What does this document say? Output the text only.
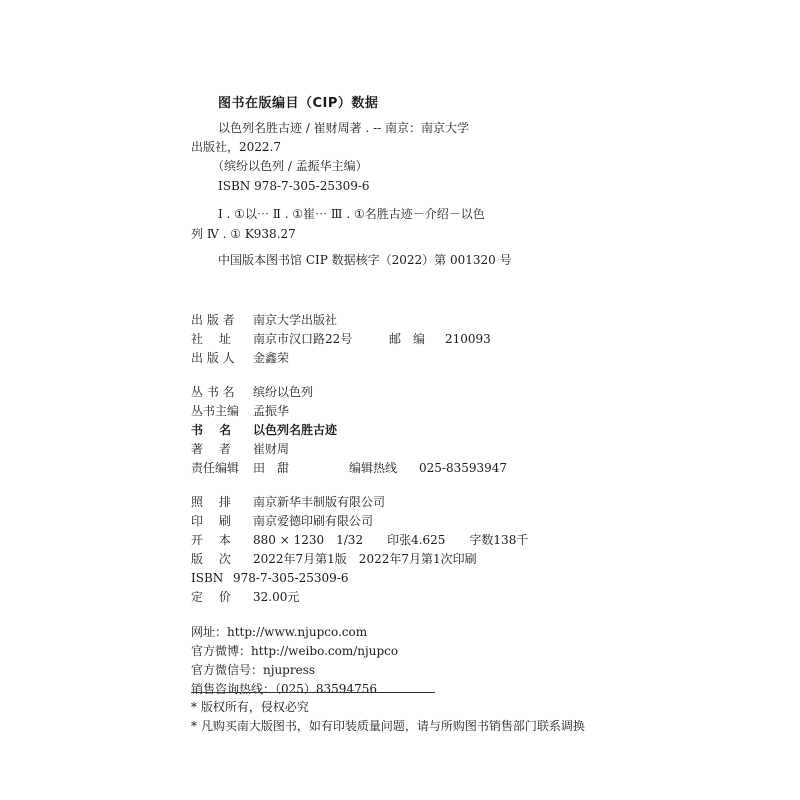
图书在版编目（CIP）数据
以色列名胜古迹 / 崔财周著 . -- 南京：南京大学
出版社，2022.7
（缤纷以色列 / 孟振华主编）
ISBN 978-7-305-25309-6
Ⅰ . ①以⋯ Ⅱ . ①崔⋯ Ⅲ . ①名胜古迹－介绍－以色
列 Ⅳ . ① K938.27
中国版本图书馆 CIP 数据核字（2022）第 001320 号
出 版 者 南京大学出版社
社　 址 南京市汉口路22号	邮　编 210093
出 版 人 金鑫荣
丛 书 名 缤纷以色列
丛书主编 孟振华
书　 名 以色列名胜古迹
著　 者 崔财周
责任编辑 田　甜	编辑热线 025-83593947
照　 排 南京新华丰制版有限公司
印　 刷 南京爱德印刷有限公司
开　 本 880 × 1230　1/32　　印张4.625　　字数138千
版　 次 2022年7月第1版　2022年7月第1次印刷
ISBN 978-7-305-25309-6
定　 价 32.00元
网址：http://www.njupco.com
官方微博：http://weibo.com/njupco
官方微信号：njupress
销售咨询热线：（025）83594756
* 版权所有，侵权必究
* 凡购买南大版图书，如有印装质量问题，请与所购图书销售部门联系调换
